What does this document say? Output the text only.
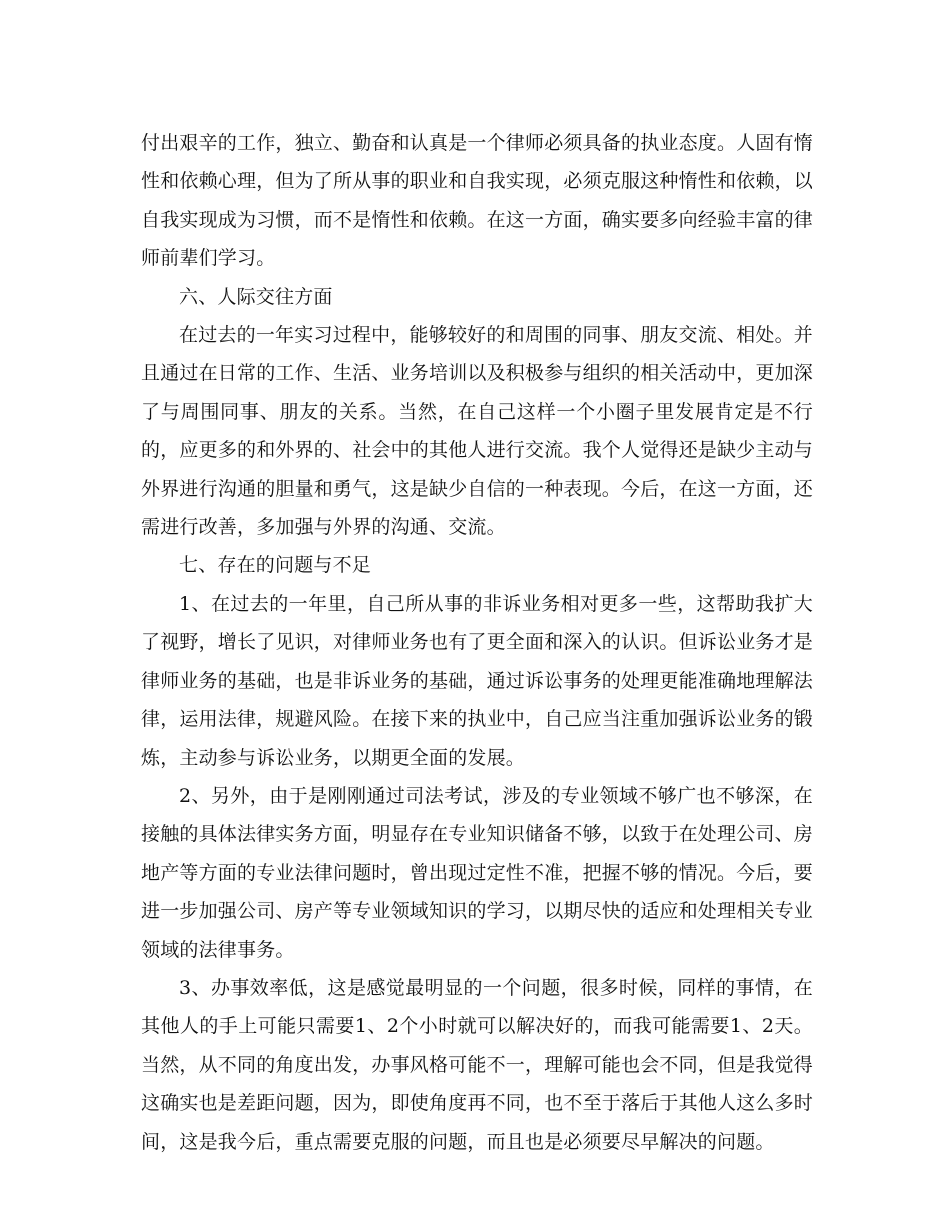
付出艰辛的工作，独立、勤奋和认真是一个律师必须具备的执业态度。人固有惰性和依赖心理，但为了所从事的职业和自我实现，必须克服这种惰性和依赖，以自我实现成为习惯，而不是惰性和依赖。在这一方面，确实要多向经验丰富的律师前辈们学习。

六、人际交往方面

在过去的一年实习过程中，能够较好的和周围的同事、朋友交流、相处。并且通过在日常的工作、生活、业务培训以及积极参与组织的相关活动中，更加深了与周围同事、朋友的关系。当然，在自己这样一个小圈子里发展肯定是不行的，应更多的和外界的、社会中的其他人进行交流。我个人觉得还是缺少主动与外界进行沟通的胆量和勇气，这是缺少自信的一种表现。今后，在这一方面，还需进行改善，多加强与外界的沟通、交流。

七、存在的问题与不足

1、在过去的一年里，自己所从事的非诉业务相对更多一些，这帮助我扩大了视野，增长了见识，对律师业务也有了更全面和深入的认识。但诉讼业务才是律师业务的基础，也是非诉业务的基础，通过诉讼事务的处理更能准确地理解法律，运用法律，规避风险。在接下来的执业中，自己应当注重加强诉讼业务的锻炼，主动参与诉讼业务，以期更全面的发展。

2、另外，由于是刚刚通过司法考试，涉及的专业领域不够广也不够深，在接触的具体法律实务方面，明显存在专业知识储备不够，以致于在处理公司、房地产等方面的专业法律问题时，曾出现过定性不准，把握不够的情况。今后，要进一步加强公司、房产等专业领域知识的学习，以期尽快的适应和处理相关专业领域的法律事务。

3、办事效率低，这是感觉最明显的一个问题，很多时候，同样的事情，在其他人的手上可能只需要1、2个小时就可以解决好的，而我可能需要1、2天。当然，从不同的角度出发，办事风格可能不一，理解可能也会不同，但是我觉得这确实也是差距问题，因为，即使角度再不同，也不至于落后于其他人这么多时间，这是我今后，重点需要克服的问题，而且也是必须要尽早解决的问题。
